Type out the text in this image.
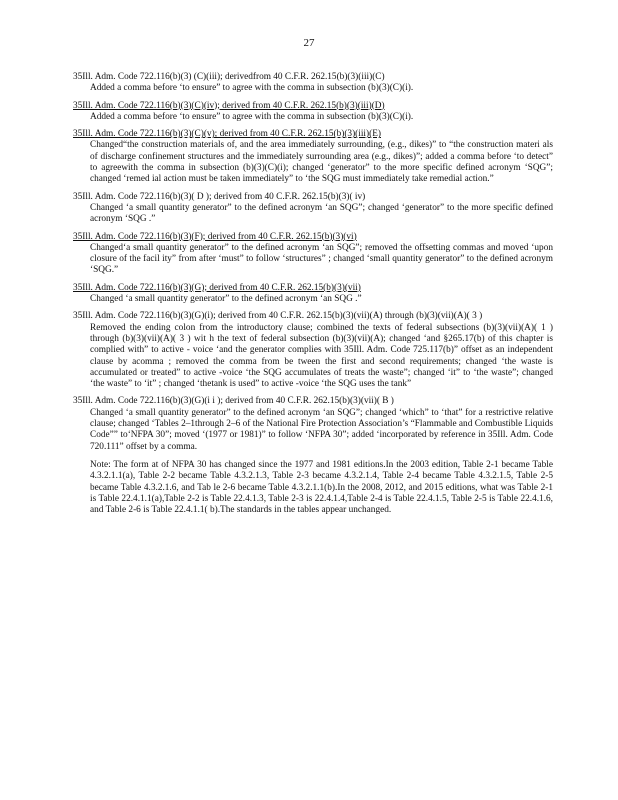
27
35Ill. Adm. Code 722.116(b)(3) (C)(iii); derivedfrom 40 C.F.R. 262.15(b)(3)(iii)(C)
Added a comma before ‘to ensure” to agree with the comma in subsection (b)(3)(C)(i).
35Ill. Adm. Code 722.116(b)(3)(C)(iv); derived from 40 C.F.R. 262.15(b)(3)(iii)(D)
Added a comma before ‘to ensure” to agree with the comma in subsection (b)(3)(C)(i).
35Ill. Adm. Code 722.116(b)(3)(C)(v); derived from 40 C.F.R. 262.15(b)(3)(iii)(E)
Changed“the construction materials of, and the area immediately surrounding, (e.g., dikes)” to “the construction materi als of discharge confinement structures and the immediately surrounding area (e.g., dikes)”; added a comma before ‘to detect” to agreewith the comma in subsection (b)(3)(C)(i); changed ‘generator” to the more specific defined acronym ‘SQG”; changed ‘remed ial action must be taken immediately” to ‘the SQG must immediately take remedial action.”
35Ill. Adm. Code 722.116(b)(3)( D ); derived from 40 C.F.R. 262.15(b)(3)( iv)
Changed ‘a small quantity generator” to the defined acronym ‘an SQG”; changed ‘generator” to the more specific defined acronym ‘SQG .”
35Ill. Adm. Code 722.116(b)(3)(F); derived from 40 C.F.R. 262.15(b)(3)(vi)
Changed‘a small quantity generator” to the defined acronym ‘an SQG”; removed the offsetting commas and moved ‘upon closure of the facil ity” from after ‘must” to follow ‘structures” ; changed ‘small quantity generator” to the defined acronym ‘SQG.”
35Ill. Adm. Code 722.116(b)(3)(G); derived from 40 C.F.R. 262.15(b)(3)(vii)
Changed ‘a small quantity generator” to the defined acronym ‘an SQG .”
35Ill. Adm. Code 722.116(b)(3)(G)(i); derived from 40 C.F.R. 262.15(b)(3)(vii)(A) through (b)(3)(vii)(A)( 3 )
Removed the ending colon from the introductory clause; combined the texts of federal subsections (b)(3)(vii)(A)( 1 ) through (b)(3)(vii)(A)( 3 ) wit h the text of federal subsection (b)(3)(vii)(A); changed ‘and §265.17(b) of this chapter is complied with” to active - voice ‘and the generator complies with 35Ill. Adm. Code 725.117(b)” offset as an independent clause by acomma ; removed the comma from be tween the first and second requirements; changed ‘the waste is accumulated or treated” to active -voice ‘the SQG accumulates of treats the waste”; changed ‘it” to ‘the waste”; changed ‘the waste” to ‘it” ; changed ‘thetank is used” to active -voice ‘the SQG uses the tank”
35Ill. Adm. Code 722.116(b)(3)(G)(i i ); derived from 40 C.F.R. 262.15(b)(3)(vii)( B )
Changed ‘a small quantity generator” to the defined acronym ‘an SQG”; changed ‘which” to ‘that” for a restrictive relative clause; changed ‘Tables 2–1through 2–6 of the National Fire Protection Association’s “Flammable and Combustible Liquids Code”” to‘NFPA 30”; moved ‘(1977 or 1981)” to follow ‘NFPA 30”; added ‘incorporated by reference in 35Ill. Adm. Code 720.111” offset by a comma.
Note: The form at of NFPA 30 has changed since the 1977 and 1981 editions.In the 2003 edition, Table 2-1 became Table 4.3.2.1.1(a), Table 2-2 became Table 4.3.2.1.3, Table 2-3 became 4.3.2.1.4, Table 2-4 became Table 4.3.2.1.5, Table 2-5 became Table 4.3.2.1.6, and Tab le 2-6 became Table 4.3.2.1.1(b).In the 2008, 2012, and 2015 editions, what was Table 2-1 is Table 22.4.1.1(a),Table 2-2 is Table 22.4.1.3, Table 2-3 is 22.4.1.4,Table 2-4 is Table 22.4.1.5, Table 2-5 is Table 22.4.1.6, and Table 2-6 is Table 22.4.1.1( b).The standards in the tables appear unchanged.
